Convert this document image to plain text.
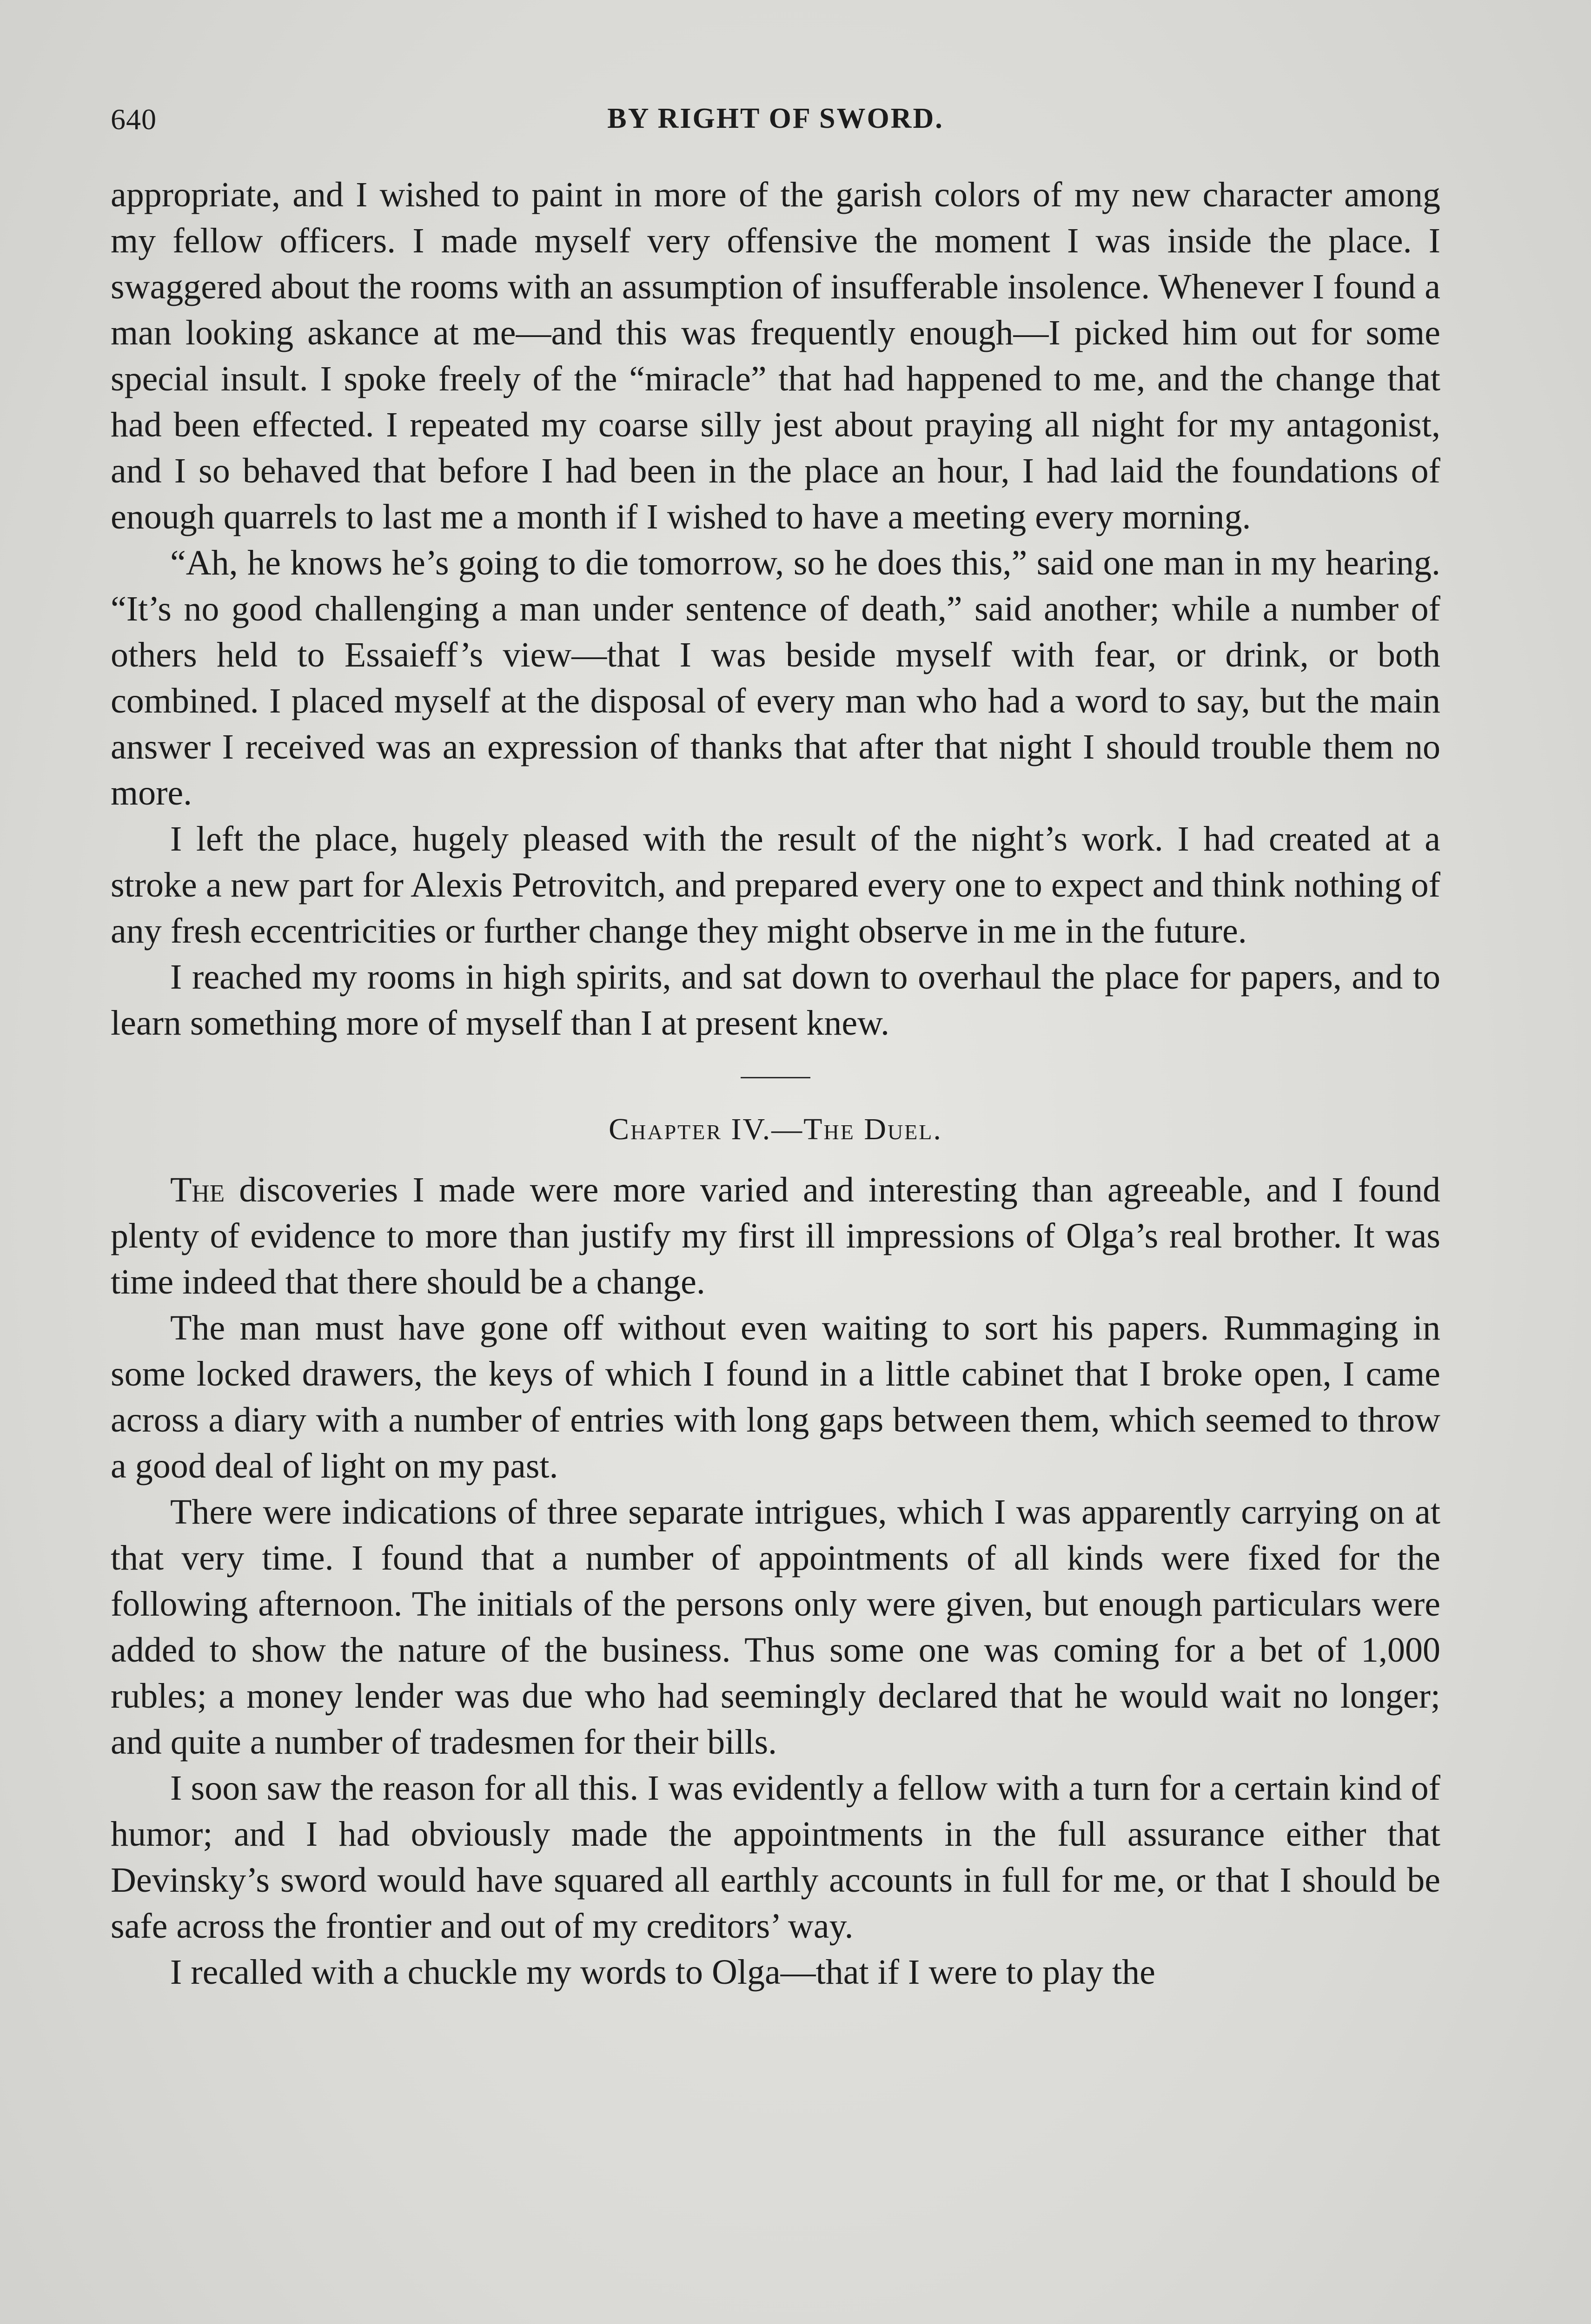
640	BY RIGHT OF SWORD.

appropriate, and I wished to paint in more of the garish colors of my new character among my fellow officers. I made myself very offensive the moment I was inside the place. I swaggered about the rooms with an assumption of insufferable insolence. Whenever I found a man looking askance at me—and this was frequently enough—I picked him out for some special insult. I spoke freely of the “miracle” that had happened to me, and the change that had been effected. I repeated my coarse silly jest about praying all night for my antagonist, and I so behaved that before I had been in the place an hour, I had laid the foundations of enough quarrels to last me a month if I wished to have a meeting every morning.

“Ah, he knows he’s going to die tomorrow, so he does this,” said one man in my hearing. “It’s no good challenging a man under sentence of death,” said another; while a number of others held to Essaieff’s view—that I was beside myself with fear, or drink, or both combined. I placed myself at the disposal of every man who had a word to say, but the main answer I received was an expression of thanks that after that night I should trouble them no more.

I left the place, hugely pleased with the result of the night’s work. I had created at a stroke a new part for Alexis Petrovitch, and prepared every one to expect and think nothing of any fresh eccentricities or further change they might observe in me in the future.

I reached my rooms in high spirits, and sat down to overhaul the place for papers, and to learn something more of myself than I at present knew.

Chapter IV.—The Duel.

The discoveries I made were more varied and interesting than agreeable, and I found plenty of evidence to more than justify my first ill impressions of Olga’s real brother. It was time indeed that there should be a change.

The man must have gone off without even waiting to sort his papers. Rummaging in some locked drawers, the keys of which I found in a little cabinet that I broke open, I came across a diary with a number of entries with long gaps between them, which seemed to throw a good deal of light on my past.

There were indications of three separate intrigues, which I was apparently carrying on at that very time. I found that a number of appointments of all kinds were fixed for the following afternoon. The initials of the persons only were given, but enough particulars were added to show the nature of the business. Thus some one was coming for a bet of 1,000 rubles; a money lender was due who had seemingly declared that he would wait no longer; and quite a number of tradesmen for their bills.

I soon saw the reason for all this. I was evidently a fellow with a turn for a certain kind of humor; and I had obviously made the appointments in the full assurance either that Devinsky’s sword would have squared all earthly accounts in full for me, or that I should be safe across the frontier and out of my creditors’ way.

I recalled with a chuckle my words to Olga—that if I were to play the
